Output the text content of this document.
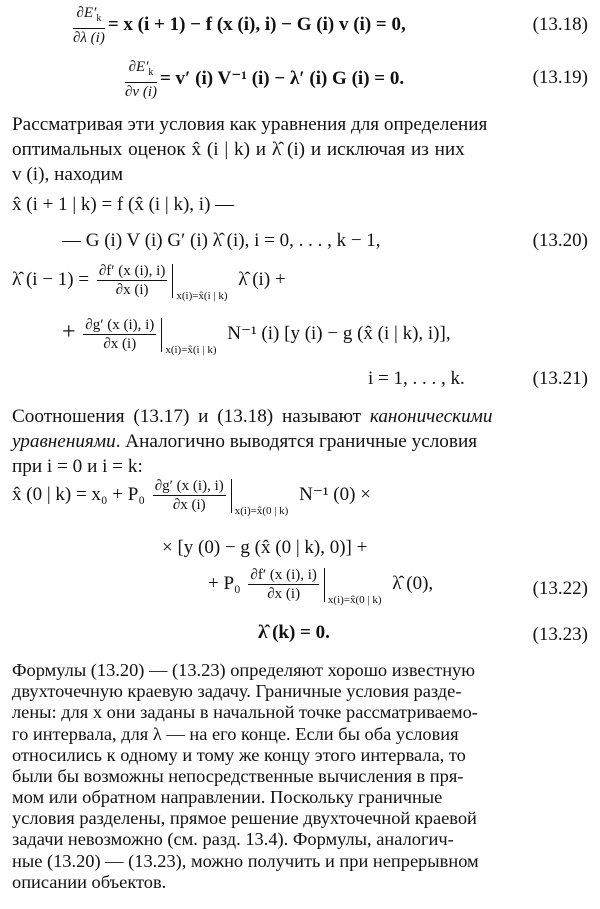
$\frac{\partial E'_k}{\partial\lambda (i)} = x$ (i + 1) − f (x (i), i) − G (i) v (i) = 0,	(13.18)
$\frac{\partial E'_k}{\partial v (i)} = v'$ (i) V⁻¹ (i) − λ′ (i) G (i) = 0.	(13.19)
Рассматривая эти условия как уравнения для определения
оптимальных оценок x̂ (i | k) и λ̂ (i) и исключая из них
v (i), находим
x̂ (i + 1 | k) = f (x̂ (i | k), i) —
— G (i) V (i) G′ (i) λ̂ (i), i = 0, . . . , k − 1,	(13.20)
λ̂ $(i - 1) = \frac{\partial f' (x (i), i)}{\partial x (i)} _{x(i)=x̂(i | k)}$ λ̂ (i) +
+ $\frac{\partial g' (x (i), i)}{\partial x (i)} _{x(i)=x̂(i | k)}$ N⁻¹ (i) [y (i) − g (x̂ (i | k), i)],
i = 1, . . . , k.	(13.21)
Соотношения (13.17) и (13.18) называют каноническими
уравнениями. Аналогично выводятся граничные условия
при i = 0 и i = k:
x̂ (0 | $k) = x_0 + P_0 \frac{\partial g' (x (i), i)}{\partial x (i)} _{x(i)=x̂(0 | k)}$ N⁻¹ (0) ×
× [y (0) − g (x̂ (0 | k), 0)] +
+ $P_0 \frac{\partial f' (x (i), i)}{\partial x (i)} _{x(i)=x̂(0 | k)}$ λ̂ (0),	(13.22)
λ̂ (k) = 0.	(13.23)
Формулы (13.20) — (13.23) определяют хорошо известную
двухточечную краевую задачу. Граничные условия разде-
лены: для x они заданы в начальной точке рассматриваемо-
го интервала, для λ — на его конце. Если бы оба условия
относились к одному и тому же концу этого интервала, то
были бы возможны непосредственные вычисления в пря-
мом или обратном направлении. Поскольку граничные
условия разделены, прямое решение двухточечной краевой
задачи невозможно (см. разд. 13.4). Формулы, аналогич-
ные (13.20) — (13.23), можно получить и при непрерывном
описании объектов.
